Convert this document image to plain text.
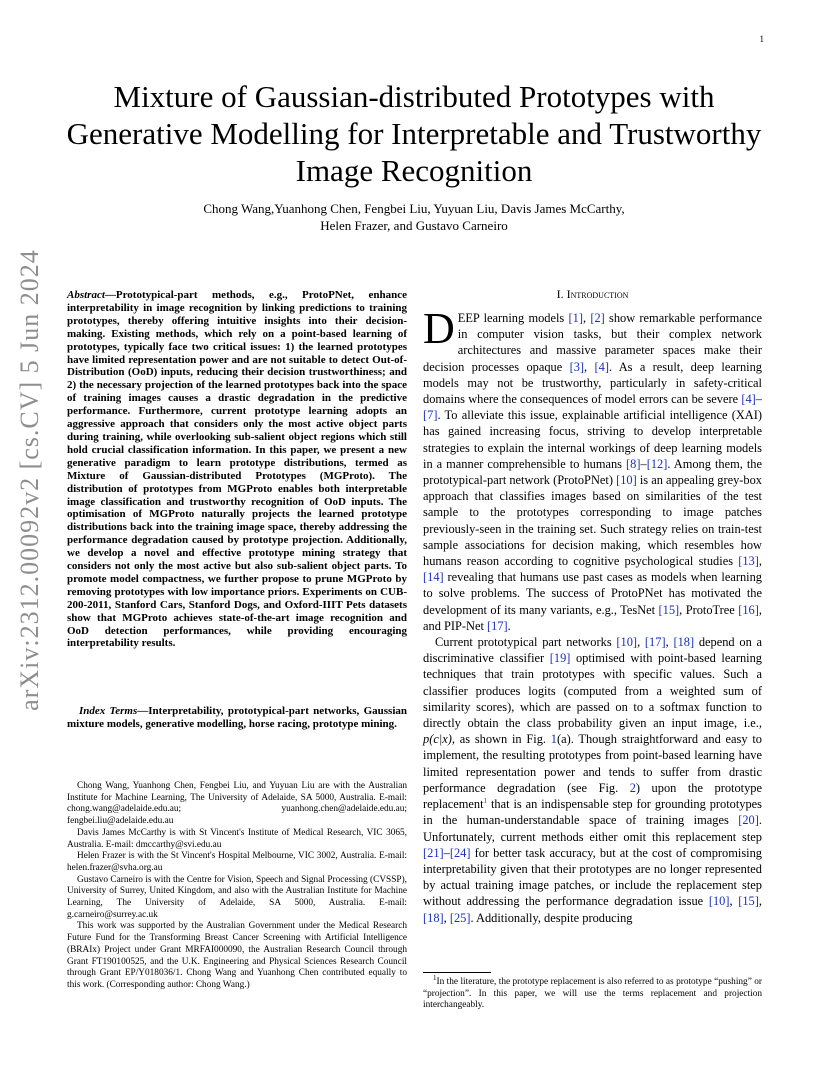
1
arXiv:2312.00092v2 [cs.CV] 5 Jun 2024
Mixture of Gaussian-distributed Prototypes with Generative Modelling for Interpretable and Trustworthy Image Recognition
Chong Wang,Yuanhong Chen, Fengbei Liu, Yuyuan Liu, Davis James McCarthy,
Helen Frazer, and Gustavo Carneiro
Abstract—Prototypical-part methods, e.g., ProtoPNet, enhance interpretability in image recognition by linking predictions to training prototypes, thereby offering intuitive insights into their decision-making. Existing methods, which rely on a point-based learning of prototypes, typically face two critical issues: 1) the learned prototypes have limited representation power and are not suitable to detect Out-of-Distribution (OoD) inputs, reducing their decision trustworthiness; and 2) the necessary projection of the learned prototypes back into the space of training images causes a drastic degradation in the predictive performance. Furthermore, current prototype learning adopts an aggressive approach that considers only the most active object parts during training, while overlooking sub-salient object regions which still hold crucial classification information. In this paper, we present a new generative paradigm to learn prototype distributions, termed as Mixture of Gaussian-distributed Prototypes (MGProto). The distribution of prototypes from MGProto enables both interpretable image classification and trustworthy recognition of OoD inputs. The optimisation of MGProto naturally projects the learned prototype distributions back into the training image space, thereby addressing the performance degradation caused by prototype projection. Additionally, we develop a novel and effective prototype mining strategy that considers not only the most active but also sub-salient object parts. To promote model compactness, we further propose to prune MGProto by removing prototypes with low importance priors. Experiments on CUB-200-2011, Stanford Cars, Stanford Dogs, and Oxford-IIIT Pets datasets show that MGProto achieves state-of-the-art image recognition and OoD detection performances, while providing encouraging interpretability results.
Index Terms—Interpretability, prototypical-part networks, Gaussian mixture models, generative modelling, horse racing, prototype mining.

Chong Wang, Yuanhong Chen, Fengbei Liu, and Yuyuan Liu are with the Australian Institute for Machine Learning, The University of Adelaide, SA 5000, Australia. E-mail: chong.wang@adelaide.edu.au; yuanhong.chen@adelaide.edu.au; fengbei.liu@adelaide.edu.au

Davis James McCarthy is with St Vincent's Institute of Medical Research, VIC 3065, Australia. E-mail: dmccarthy@svi.edu.au

Helen Frazer is with the St Vincent's Hospital Melbourne, VIC 3002, Australia. E-mail: helen.frazer@svha.org.au

Gustavo Carneiro is with the Centre for Vision, Speech and Signal Processing (CVSSP), University of Surrey, United Kingdom, and also with the Australian Institute for Machine Learning, The University of Adelaide, SA 5000, Australia. E-mail: g.carneiro@surrey.ac.uk

This work was supported by the Australian Government under the Medical Research Future Fund for the Transforming Breast Cancer Screening with Artificial Intelligence (BRAIx) Project under Grant MRFAI000090, the Australian Research Council through Grant FT190100525, and the U.K. Engineering and Physical Sciences Research Council through Grant EP/Y018036/1. Chong Wang and Yuanhong Chen contributed equally to this work. (Corresponding author: Chong Wang.)

I. Introduction

DEEP learning models [1], [2] show remarkable performance in computer vision tasks, but their complex network architectures and massive parameter spaces make their decision processes opaque [3], [4]. As a result, deep learning models may not be trustworthy, particularly in safety-critical domains where the consequences of model errors can be severe [4]–[7]. To alleviate this issue, explainable artificial intelligence (XAI) has gained increasing focus, striving to develop interpretable strategies to explain the internal workings of deep learning models in a manner comprehensible to humans [8]–[12]. Among them, the prototypical-part network (ProtoPNet) [10] is an appealing grey-box approach that classifies images based on similarities of the test sample to the prototypes corresponding to image patches previously-seen in the training set. Such strategy relies on train-test sample associations for decision making, which resembles how humans reason according to cognitive psychological studies [13], [14] revealing that humans use past cases as models when learning to solve problems. The success of ProtoPNet has motivated the development of its many variants, e.g., TesNet [15], ProtoTree [16], and PIP-Net [17].

Current prototypical part networks [10], [17], [18] depend on a discriminative classifier [19] optimised with point-based learning techniques that train prototypes with specific values. Such a classifier produces logits (computed from a weighted sum of similarity scores), which are passed on to a softmax function to directly obtain the class probability given an input image, i.e., p(c|x), as shown in Fig. 1(a). Though straightforward and easy to implement, the resulting prototypes from point-based learning have limited representation power and tends to suffer from drastic performance degradation (see Fig. 2) upon the prototype replacement$^1$ that is an indispensable step for grounding prototypes in the human-understandable space of training images [20]. Unfortunately, current methods either omit this replacement step [21]–[24] for better task accuracy, but at the cost of compromising interpretability given that their prototypes are no longer represented by actual training image patches, or include the replacement step without addressing the performance degradation issue [10], [15], [18], [25]. Additionally, despite producing

$^1$In the literature, the prototype replacement is also referred to as prototype “pushing” or “projection”. In this paper, we will use the terms replacement and projection interchangeably.
